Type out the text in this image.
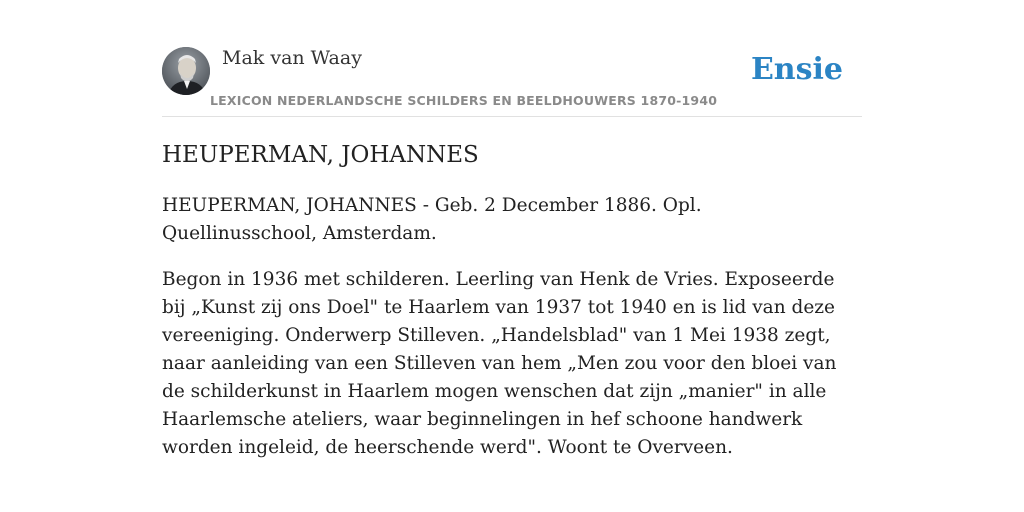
Mak van Waay
LEXICON NEDERLANDSCHE SCHILDERS EN BEELDHOUWERS 1870-1940
Ensie
HEUPERMAN, JOHANNES

HEUPERMAN, JOHANNES - Geb. 2 December 1886. Opl. Quellinusschool, Amsterdam.

Begon in 1936 met schilderen. Leerling van Henk de Vries. Exposeerde bij „Kunst zij ons Doel" te Haarlem van 1937 tot 1940 en is lid van deze vereeniging. Onderwerp Stilleven. „Handelsblad" van 1 Mei 1938 zegt, naar aanleiding van een Stilleven van hem „Men zou voor den bloei van de schilderkunst in Haarlem mogen wenschen dat zijn „manier" in alle Haarlemsche ateliers, waar beginnelingen in hef schoone handwerk worden ingeleid, de heerschende werd". Woont te Overveen.
